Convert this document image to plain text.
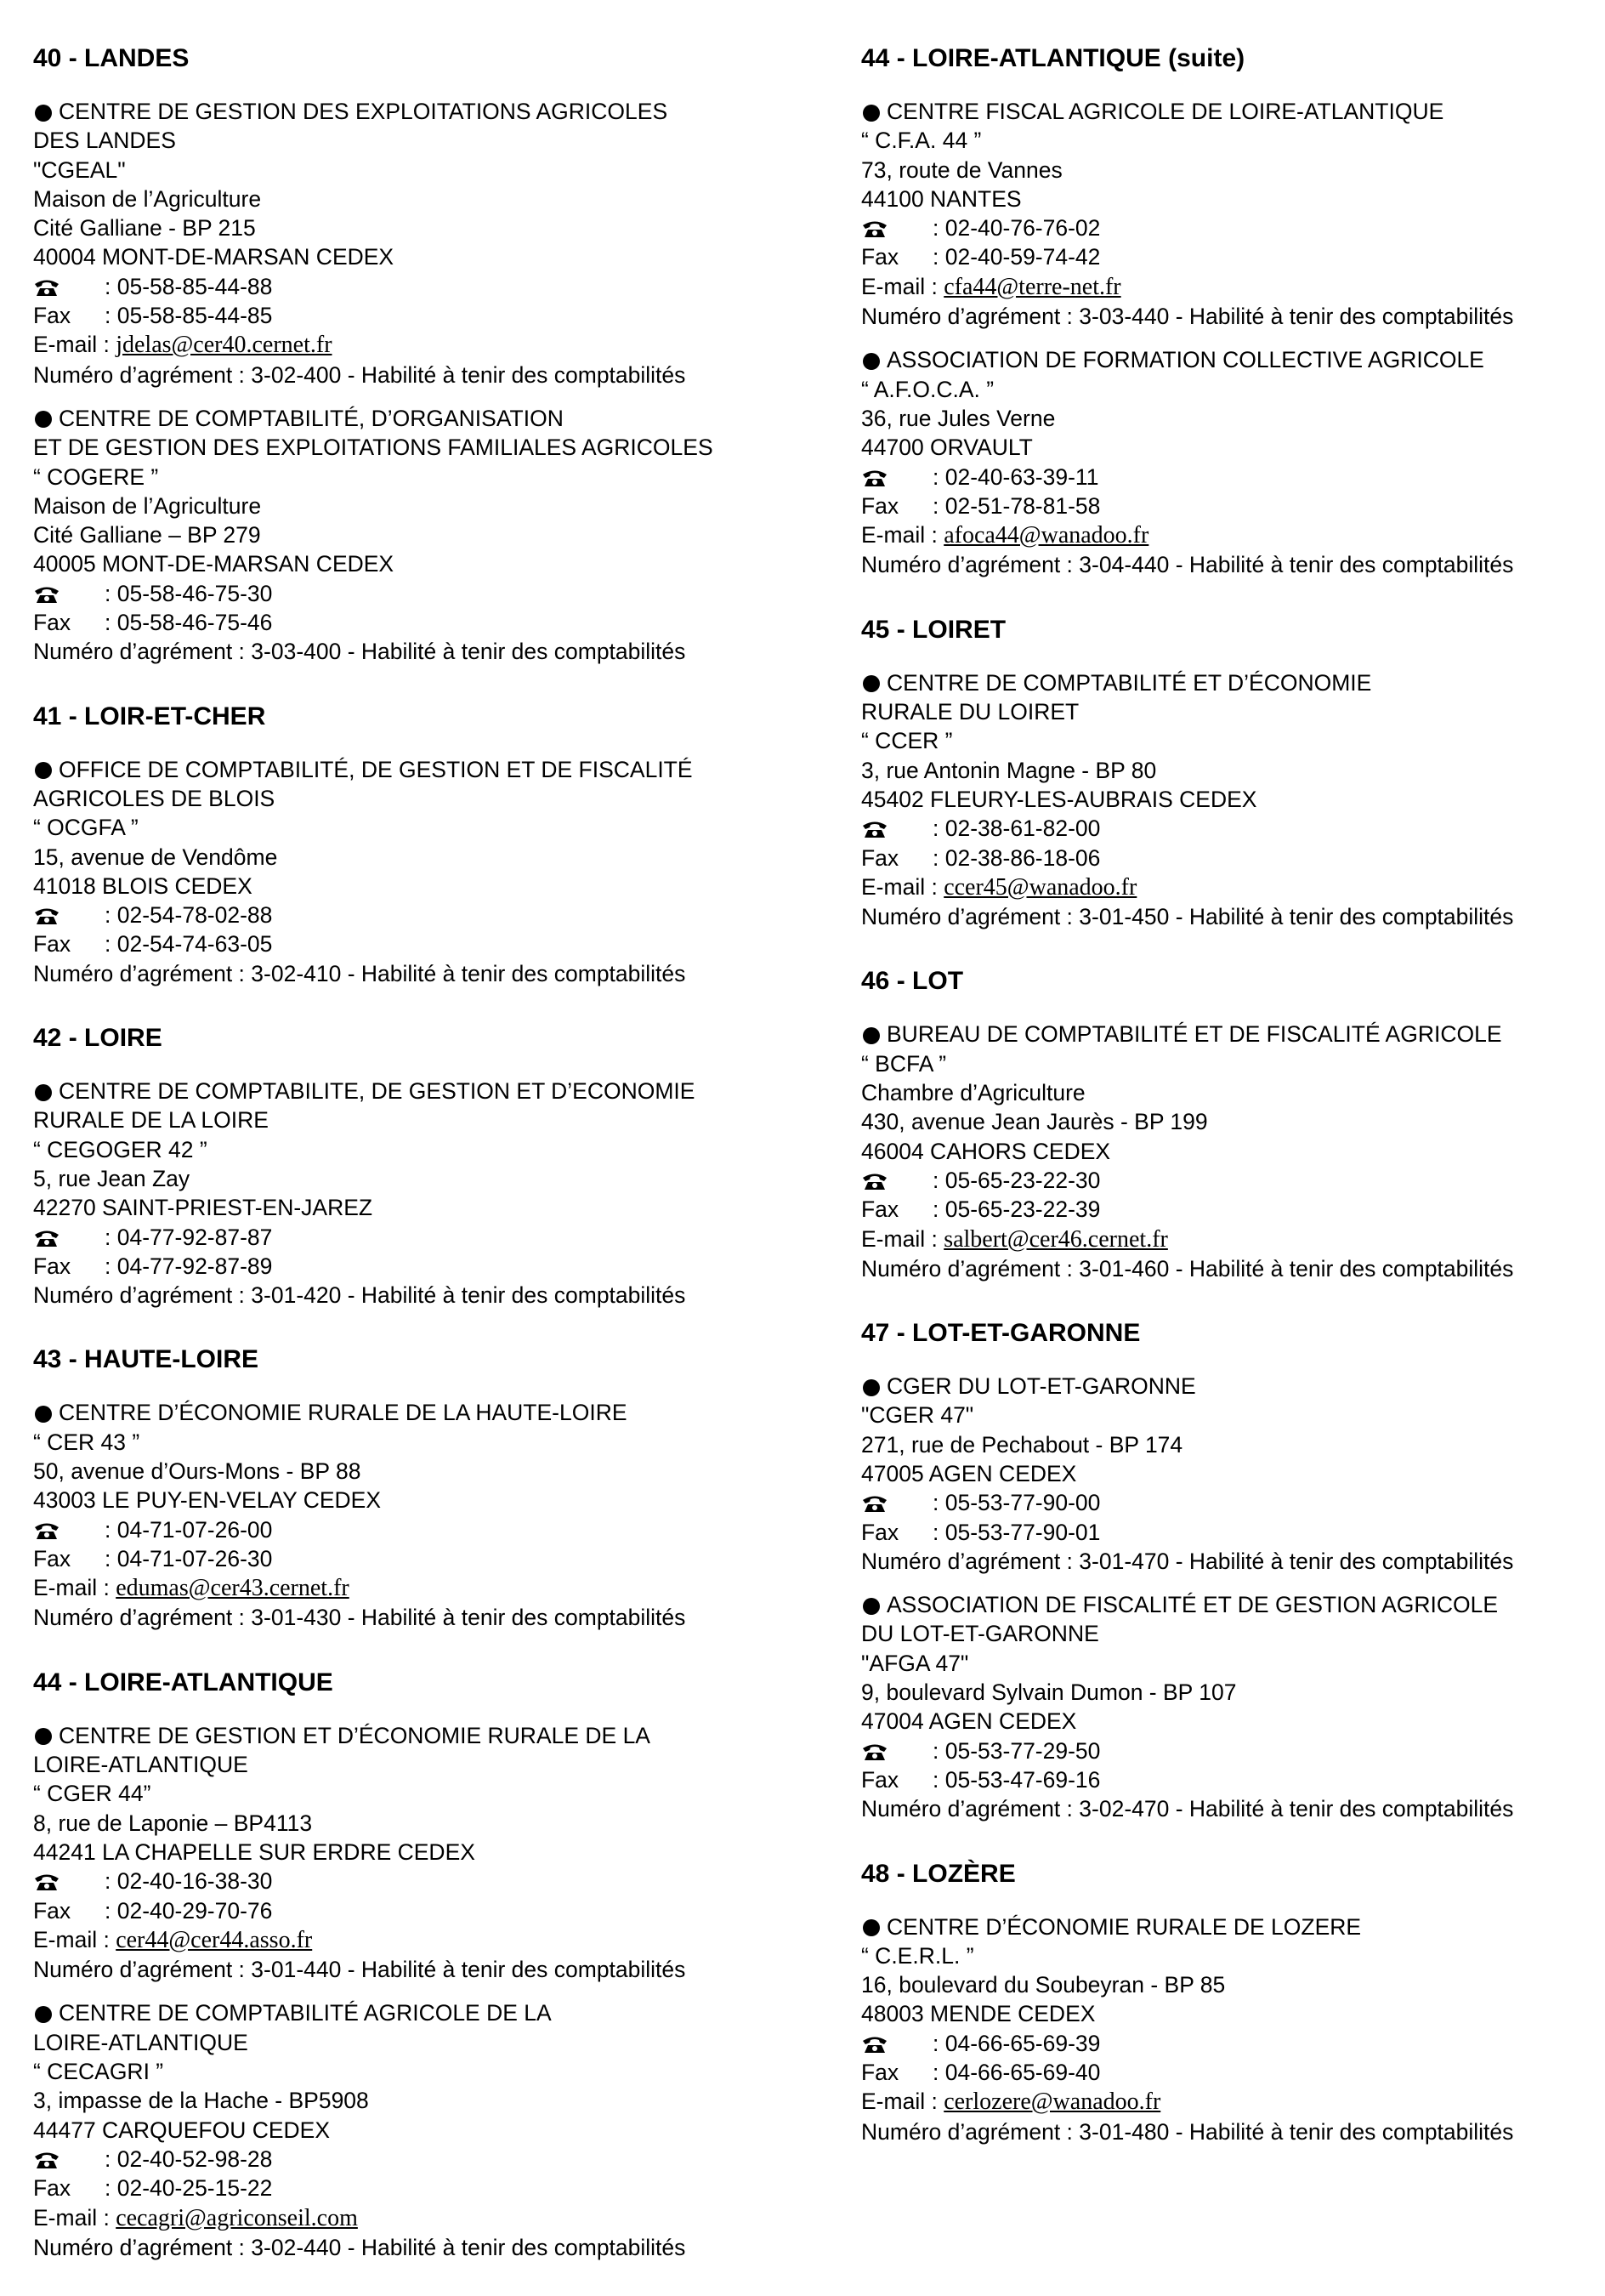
40 - LANDES
CENTRE DE GESTION DES EXPLOITATIONS AGRICOLES
DES LANDES
"CGEAL"
Maison de l’Agriculture
Cité Galliane - BP 215
40004 MONT-DE-MARSAN CEDEX
: 05-58-85-44-88
Fax : 05-58-85-44-85
E-mail : jdelas@cer40.cernet.fr
Numéro d’agrément : 3-02-400 - Habilité à tenir des comptabilités
CENTRE DE COMPTABILITÉ, D’ORGANISATION
ET DE GESTION DES EXPLOITATIONS FAMILIALES AGRICOLES
“ COGERE ”
Maison de l’Agriculture
Cité Galliane – BP 279
40005 MONT-DE-MARSAN CEDEX
: 05-58-46-75-30
Fax : 05-58-46-75-46
Numéro d’agrément : 3-03-400 - Habilité à tenir des comptabilités
41 - LOIR-ET-CHER
OFFICE DE COMPTABILITÉ, DE GESTION ET DE FISCALITÉ
AGRICOLES DE BLOIS
“ OCGFA ”
15, avenue de Vendôme
41018 BLOIS CEDEX
: 02-54-78-02-88
Fax : 02-54-74-63-05
Numéro d’agrément : 3-02-410 - Habilité à tenir des comptabilités
42 - LOIRE
CENTRE DE COMPTABILITE, DE GESTION ET D’ECONOMIE
RURALE DE LA LOIRE
“ CEGOGER 42 ”
5, rue Jean Zay
42270 SAINT-PRIEST-EN-JAREZ
: 04-77-92-87-87
Fax : 04-77-92-87-89
Numéro d’agrément : 3-01-420 - Habilité à tenir des comptabilités
43 - HAUTE-LOIRE
CENTRE D’ÉCONOMIE RURALE DE LA HAUTE-LOIRE
“ CER 43 ”
50, avenue d’Ours-Mons - BP 88
43003 LE PUY-EN-VELAY CEDEX
: 04-71-07-26-00
Fax : 04-71-07-26-30
E-mail : edumas@cer43.cernet.fr
Numéro d’agrément : 3-01-430 - Habilité à tenir des comptabilités
44 - LOIRE-ATLANTIQUE
CENTRE DE GESTION ET D’ÉCONOMIE RURALE DE LA
LOIRE-ATLANTIQUE
“ CGER 44”
8, rue de Laponie – BP4113
44241 LA CHAPELLE SUR ERDRE CEDEX
: 02-40-16-38-30
Fax : 02-40-29-70-76
E-mail : cer44@cer44.asso.fr
Numéro d’agrément : 3-01-440 - Habilité à tenir des comptabilités
CENTRE DE COMPTABILITÉ AGRICOLE DE LA
LOIRE-ATLANTIQUE
“ CECAGRI ”
3, impasse de la Hache - BP5908
44477 CARQUEFOU CEDEX
: 02-40-52-98-28
Fax : 02-40-25-15-22
E-mail : cecagri@agriconseil.com
Numéro d’agrément : 3-02-440 - Habilité à tenir des comptabilités
44 - LOIRE-ATLANTIQUE (suite)
CENTRE FISCAL AGRICOLE DE LOIRE-ATLANTIQUE
“ C.F.A. 44 ”
73, route de Vannes
44100 NANTES
: 02-40-76-76-02
Fax : 02-40-59-74-42
E-mail : cfa44@terre-net.fr
Numéro d’agrément : 3-03-440 - Habilité à tenir des comptabilités
ASSOCIATION DE FORMATION COLLECTIVE AGRICOLE
“ A.F.O.C.A. ”
36, rue Jules Verne
44700 ORVAULT
: 02-40-63-39-11
Fax : 02-51-78-81-58
E-mail : afoca44@wanadoo.fr
Numéro d’agrément : 3-04-440 - Habilité à tenir des comptabilités
45 - LOIRET
CENTRE DE COMPTABILITÉ ET D’ÉCONOMIE
RURALE DU LOIRET
“ CCER ”
3, rue Antonin Magne - BP 80
45402 FLEURY-LES-AUBRAIS CEDEX
: 02-38-61-82-00
Fax : 02-38-86-18-06
E-mail : ccer45@wanadoo.fr
Numéro d’agrément : 3-01-450 - Habilité à tenir des comptabilités
46 - LOT
BUREAU DE COMPTABILITÉ ET DE FISCALITÉ AGRICOLE
“ BCFA ”
Chambre d’Agriculture
430, avenue Jean Jaurès - BP 199
46004 CAHORS CEDEX
: 05-65-23-22-30
Fax : 05-65-23-22-39
E-mail : salbert@cer46.cernet.fr
Numéro d’agrément : 3-01-460 - Habilité à tenir des comptabilités
47 - LOT-ET-GARONNE
CGER DU LOT-ET-GARONNE
"CGER 47"
271, rue de Pechabout - BP 174
47005 AGEN CEDEX
: 05-53-77-90-00
Fax : 05-53-77-90-01
Numéro d’agrément : 3-01-470 - Habilité à tenir des comptabilités
ASSOCIATION DE FISCALITÉ ET DE GESTION AGRICOLE
DU LOT-ET-GARONNE
"AFGA 47"
9, boulevard Sylvain Dumon - BP 107
47004 AGEN CEDEX
: 05-53-77-29-50
Fax : 05-53-47-69-16
Numéro d’agrément : 3-02-470 - Habilité à tenir des comptabilités
48 - LOZÈRE
CENTRE D’ÉCONOMIE RURALE DE LOZERE
“ C.E.R.L. ”
16, boulevard du Soubeyran - BP 85
48003 MENDE CEDEX
: 04-66-65-69-39
Fax : 04-66-65-69-40
E-mail : cerlozere@wanadoo.fr
Numéro d’agrément : 3-01-480 - Habilité à tenir des comptabilités
